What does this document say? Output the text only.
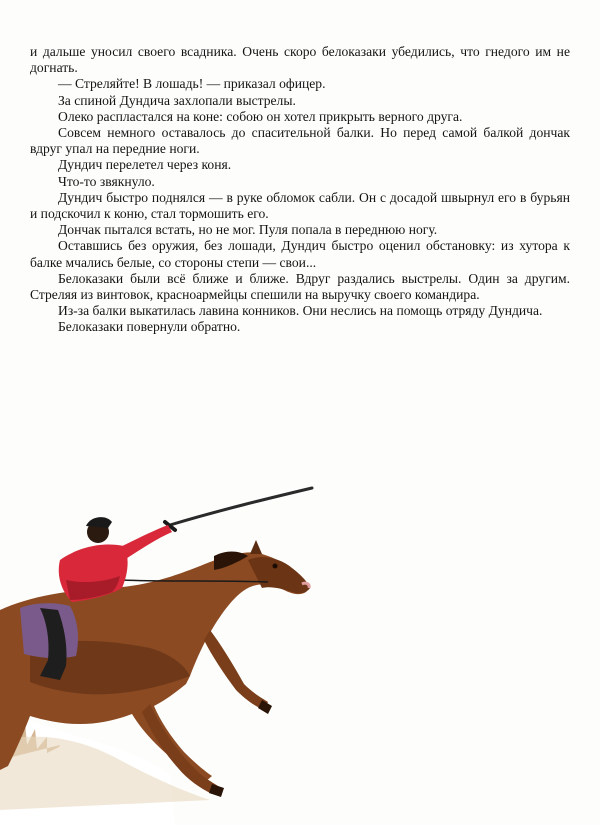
и дальше уносил своего всадника. Очень скоро белоказаки убедились, что гнедого им не догнать.

— Стреляйте! В лошадь! — приказал офицер.

За спиной Дундича захлопали выстрелы.

Олеко распластался на коне: собою он хотел прикрыть верного друга.

Совсем немного оставалось до спасительной балки. Но перед самой балкой дончак вдруг упал на передние ноги.

Дундич перелетел через коня.

Что-то звякнуло.

Дундич быстро поднялся — в руке обломок сабли. Он с досадой швырнул его в бурьян и подскочил к коню, стал тормошить его.

Дончак пытался встать, но не мог. Пуля попала в переднюю ногу.

Оставшись без оружия, без лошади, Дундич быстро оценил обстановку: из хутора к балке мчались белые, со стороны степи — свои...

Белоказаки были всё ближе и ближе. Вдруг раздались выстрелы. Один за другим. Стреляя из винтовок, красноармейцы спешили на выручку своего командира.

Из-за балки выкатилась лавина конников. Они неслись на помощь отряду Дундича.

Белоказаки повернули обратно.
